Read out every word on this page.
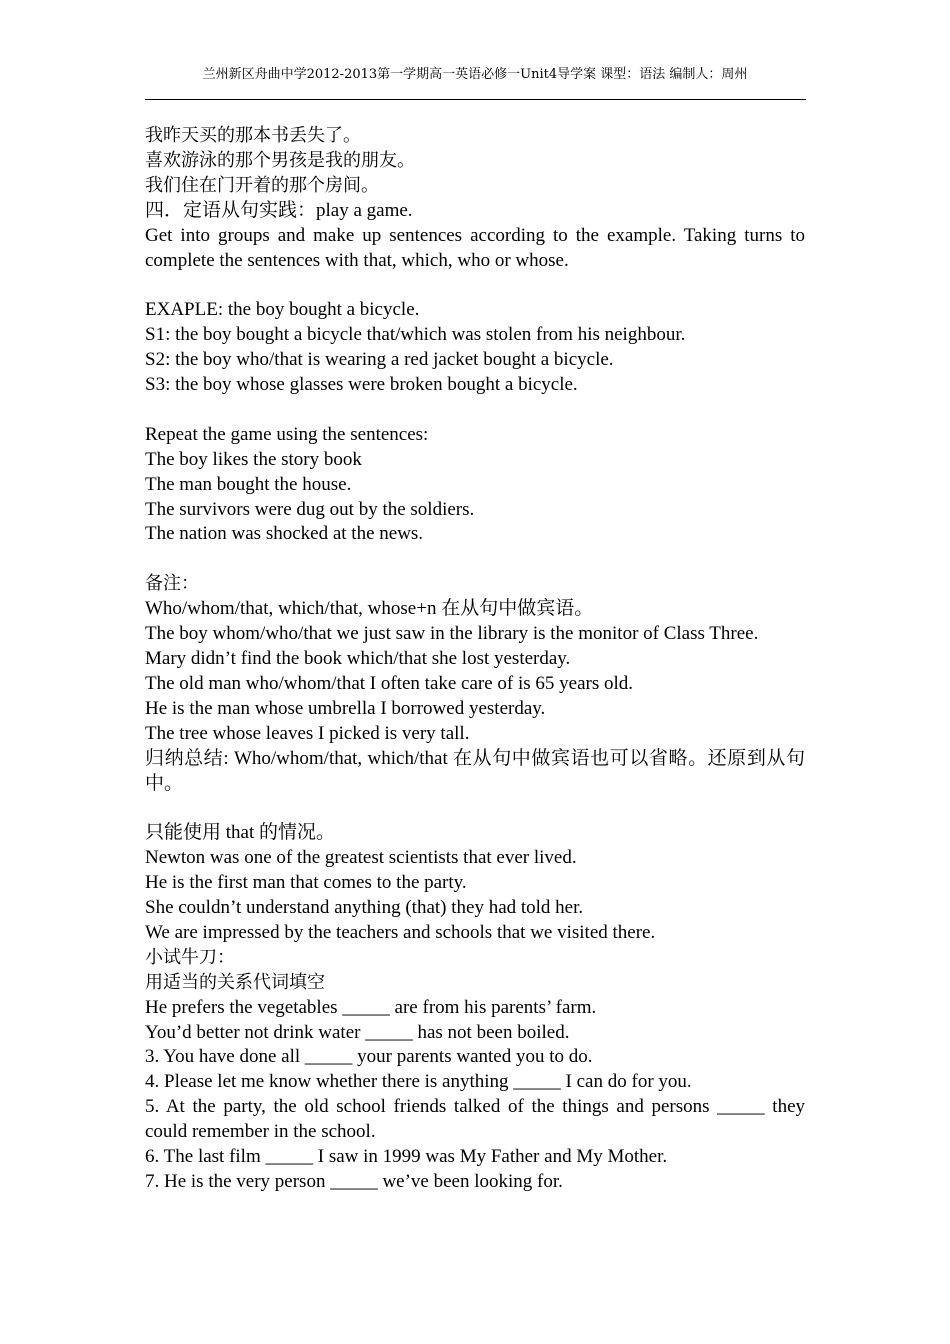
兰州新区舟曲中学2012-2013第一学期高一英语必修一Unit4导学案 课型：语法 编制人：周州

我昨天买的那本书丢失了。

喜欢游泳的那个男孩是我的朋友。

我们住在门开着的那个房间。

四．定语从句实践：play a game.

Get into groups and make up sentences according to the example. Taking turns to complete the sentences with that, which, who or whose.

EXAPLE: the boy bought a bicycle.

S1: the boy bought a bicycle that/which was stolen from his neighbour.

S2: the boy who/that is wearing a red jacket bought a bicycle.

S3: the boy whose glasses were broken bought a bicycle.

Repeat the game using the sentences:

The boy likes the story book

The man bought the house.

The survivors were dug out by the soldiers.

The nation was shocked at the news.

备注：

Who/whom/that, which/that, whose+n 在从句中做宾语。

The boy whom/who/that we just saw in the library is the monitor of Class Three.

Mary didn’t find the book which/that she lost yesterday.

The old man who/whom/that I often take care of is 65 years old.

He is the man whose umbrella I borrowed yesterday.

The tree whose leaves I picked is very tall.

归纳总结: Who/whom/that, which/that 在从句中做宾语也可以省略。还原到从句中。

只能使用 that 的情况。

Newton was one of the greatest scientists that ever lived.

He is the first man that comes to the party.

She couldn’t understand anything (that) they had told her.

We are impressed by the teachers and schools that we visited there.

小试牛刀：

用适当的关系代词填空

He prefers the vegetables _____ are from his parents’ farm.

You’d better not drink water _____ has not been boiled.

3. You have done all _____ your parents wanted you to do.

4. Please let me know whether there is anything _____ I can do for you.

5. At the party, the old school friends talked of the things and persons _____ they could remember in the school.

6. The last film _____ I saw in 1999 was My Father and My Mother.

7. He is the very person _____ we’ve been looking for.
